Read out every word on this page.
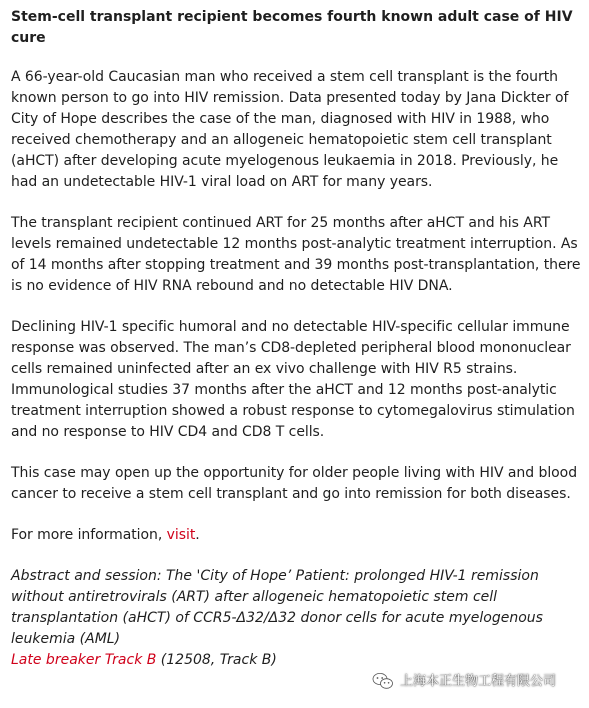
Stem-cell transplant recipient becomes fourth known adult case of HIV cure

A 66-year-old Caucasian man who received a stem cell transplant is the fourth known person to go into HIV remission. Data presented today by Jana Dickter of City of Hope describes the case of the man, diagnosed with HIV in 1988, who received chemotherapy and an allogeneic hematopoietic stem cell transplant (aHCT) after developing acute myelogenous leukaemia in 2018. Previously, he had an undetectable HIV-1 viral load on ART for many years.

The transplant recipient continued ART for 25 months after aHCT and his ART levels remained undetectable 12 months post-analytic treatment interruption. As of 14 months after stopping treatment and 39 months post-transplantation, there is no evidence of HIV RNA rebound and no detectable HIV DNA.

Declining HIV-1 specific humoral and no detectable HIV-specific cellular immune response was observed. The man’s CD8-depleted peripheral blood mononuclear cells remained uninfected after an ex vivo challenge with HIV R5 strains. Immunological studies 37 months after the aHCT and 12 months post-analytic treatment interruption showed a robust response to cytomegalovirus stimulation and no response to HIV CD4 and CD8 T cells.

This case may open up the opportunity for older people living with HIV and blood cancer to receive a stem cell transplant and go into remission for both diseases.

For more information, visit.

Abstract and session: The 'City of Hope’ Patient: prolonged HIV-1 remission without antiretrovirals (ART) after allogeneic hematopoietic stem cell transplantation (aHCT) of CCR5-Δ32/Δ32 donor cells for acute myelogenous leukemia (AML)
Late breaker Track B (12508, Track B)
上海本正生物工程有限公司
